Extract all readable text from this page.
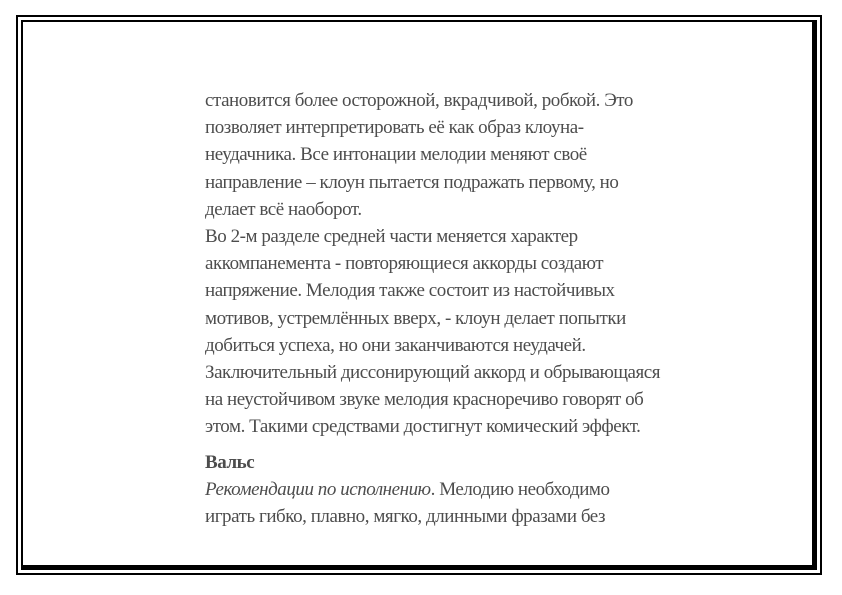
становится более осторожной, вкрадчивой, робкой. Это
позволяет интерпретировать её как образ клоуна-
неудачника. Все интонации мелодии меняют своё
направление – клоун пытается подражать первому, но
делает всё наоборот.
Во 2-м разделе средней части меняется характер
аккомпанемента - повторяющиеся аккорды создают
напряжение. Мелодия также состоит из настойчивых
мотивов, устремлённых вверх, - клоун делает попытки
добиться успеха, но они заканчиваются неудачей.
Заключительный диссонирующий аккорд и обрывающаяся
на неустойчивом звуке мелодия красноречиво говорят об
этом. Такими средствами достигнут комический эффект.
Вальс
Рекомендации по исполнению. Мелодию необходимо
играть гибко, плавно, мягко, длинными фразами без
